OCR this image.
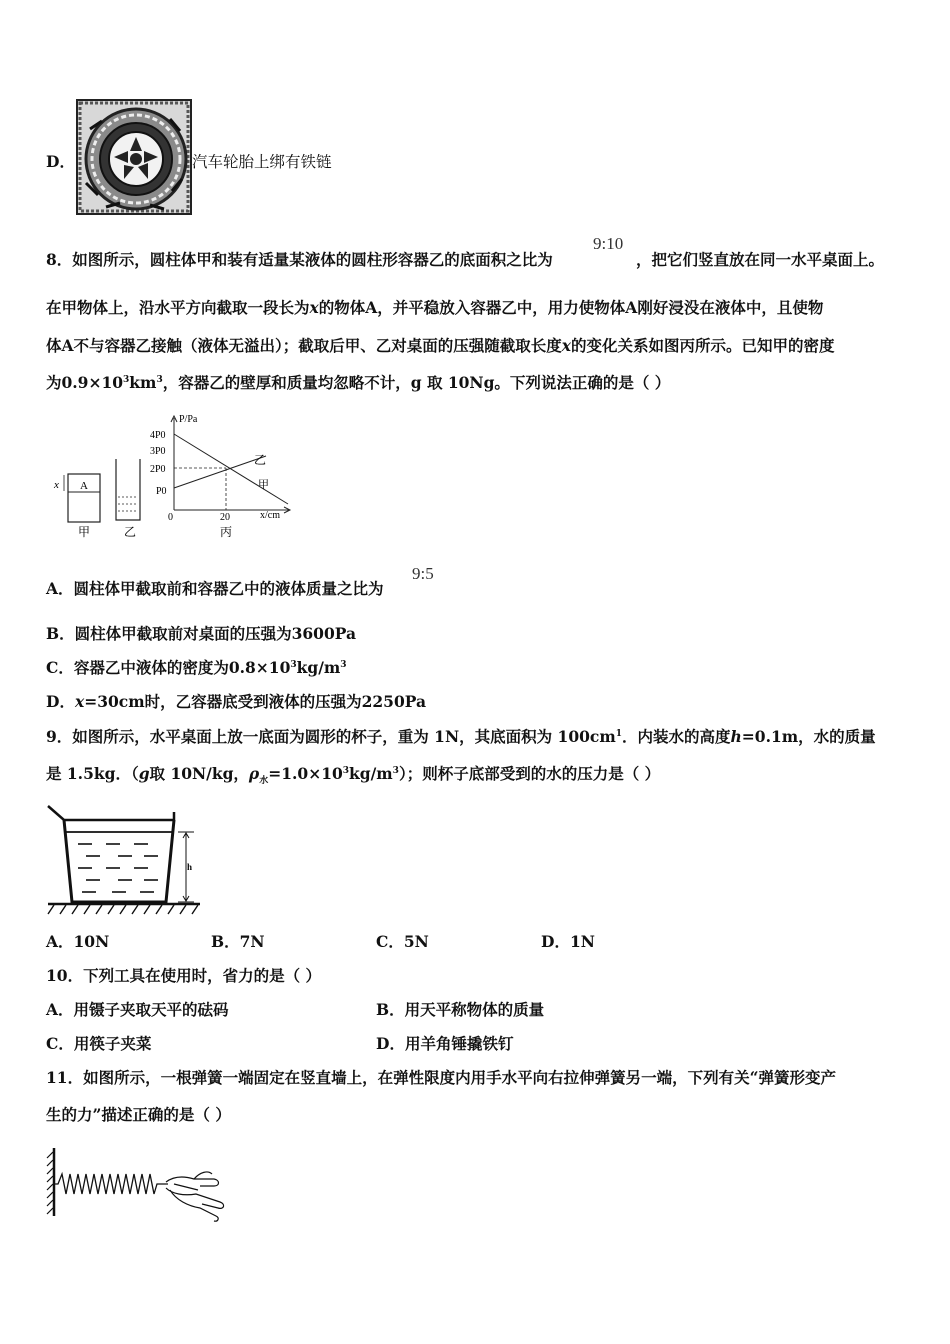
D．	汽车轮胎上绑有铁链
8．如图所示，圆柱体甲和装有适量某液体的圆柱形容器乙的底面积之比为
9:10
，把它们竖直放在同一水平桌面上。
在甲物体上，沿水平方向截取一段长为x的物体A，并平稳放入容器乙中，用力使物体A刚好浸没在液体中，且使物
体A不与容器乙接触（液体无溢出）；截取后甲、乙对桌面的压强随截取长度x的变化关系如图丙所示。已知甲的密度
为$0.9\times 10^3km^3$，容器乙的壁厚和质量均忽略不计，g 取 10Ng。下列说法正确的是（ ）
A
x
甲	乙
P/Pa
4P0
3P0
2P0
P0
0	20	x/cm
乙
甲
丙
A．圆柱体甲截取前和容器乙中的液体质量之比为
9:5
B．圆柱体甲截取前对桌面的压强为3600Pa
C．容器乙中液体的密度为$0.8\times 10^3kg/m^3$
D．x=30cm时，乙容器底受到液体的压强为2250Pa
9．如图所示，水平桌面上放一底面为圆形的杯子，重为 1N，其底面积为 $100cm^1$．内装水的高度h=0.1m，水的质量
是 1.5kg．（g取 10N/kg，$\rho_水=1.0\times 10^3kg/m^3$）；则杯子底部受到的水的压力是（ ）
h
A．10N	B．7N	C．5N	D．1N
10．下列工具在使用时，省力的是（ ）
A．用镊子夹取天平的砝码	B．用天平称物体的质量
C．用筷子夹菜	D．用羊角锤撬铁钉
11．如图所示，一根弹簧一端固定在竖直墙上，在弹性限度内用手水平向右拉伸弹簧另一端，下列有关“弹簧形变产
生的力”描述正确的是（ ）
